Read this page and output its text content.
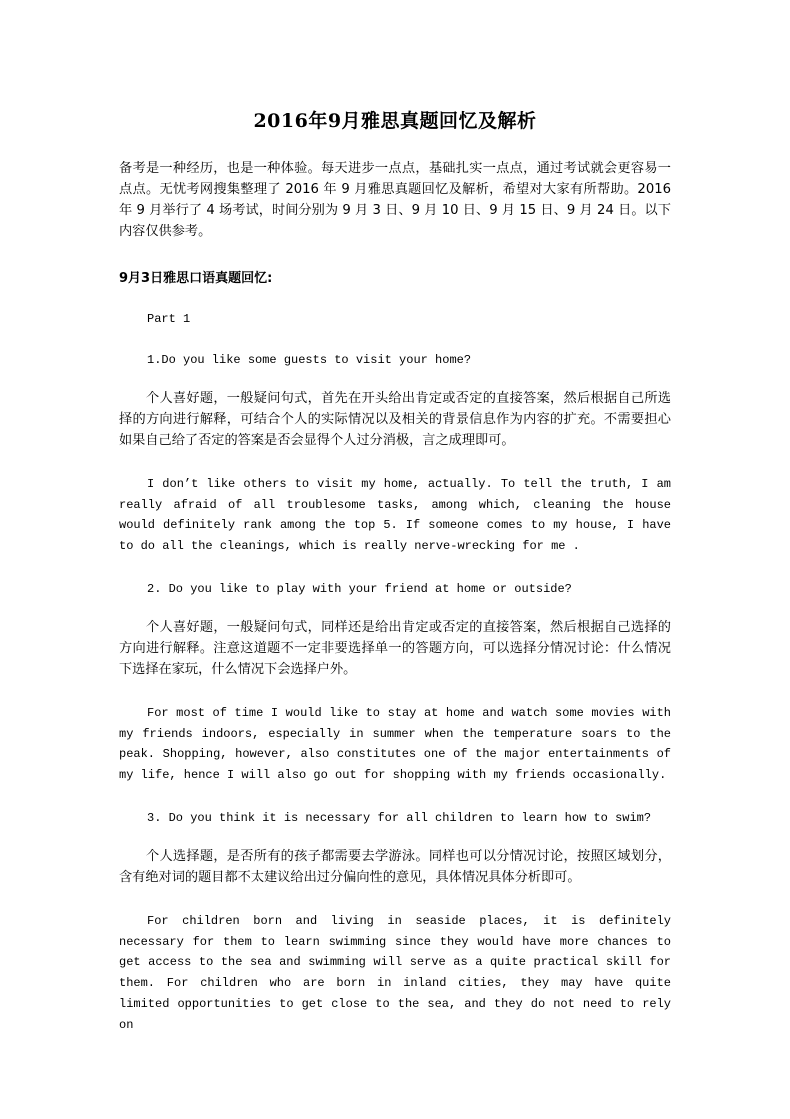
2016年9月雅思真题回忆及解析

备考是一种经历，也是一种体验。每天进步一点点，基础扎实一点点，通过考试就会更容易一点点。无忧考网搜集整理了 2016 年 9 月雅思真题回忆及解析，希望对大家有所帮助。2016 年 9 月举行了 4 场考试，时间分别为 9 月 3 日、9 月 10 日、9 月 15 日、9 月 24 日。以下内容仅供参考。

9月3日雅思口语真题回忆:

Part 1

1.Do you like some guests to visit your home?

个人喜好题，一般疑问句式，首先在开头给出肯定或否定的直接答案，然后根据自己所选择的方向进行解释，可结合个人的实际情况以及相关的背景信息作为内容的扩充。不需要担心如果自己给了否定的答案是否会显得个人过分消极，言之成理即可。

I don’t like others to visit my home, actually. To tell the truth, I am really afraid of all troublesome tasks, among which, cleaning the house would definitely rank among the top 5. If someone comes to my house, I have to do all the cleanings, which is really nerve-wrecking for me .

2. Do you like to play with your friend at home or outside?

个人喜好题，一般疑问句式，同样还是给出肯定或否定的直接答案，然后根据自己选择的方向进行解释。注意这道题不一定非要选择单一的答题方向，可以选择分情况讨论：什么情况下选择在家玩，什么情况下会选择户外。

For most of time I would like to stay at home and watch some movies with my friends indoors, especially in summer when the temperature soars to the peak. Shopping, however, also constitutes one of the major entertainments of my life, hence I will also go out for shopping with my friends occasionally.

3. Do you think it is necessary for all children to learn how to swim?

个人选择题，是否所有的孩子都需要去学游泳。同样也可以分情况讨论，按照区域划分，含有绝对词的题目都不太建议给出过分偏向性的意见，具体情况具体分析即可。

For children born and living in seaside places, it is definitely necessary for them to learn swimming since they would have more chances to get access to the sea and swimming will serve as a quite practical skill for them. For children who are born in inland cities, they may have quite limited opportunities to get close to the sea, and they do not need to rely on
